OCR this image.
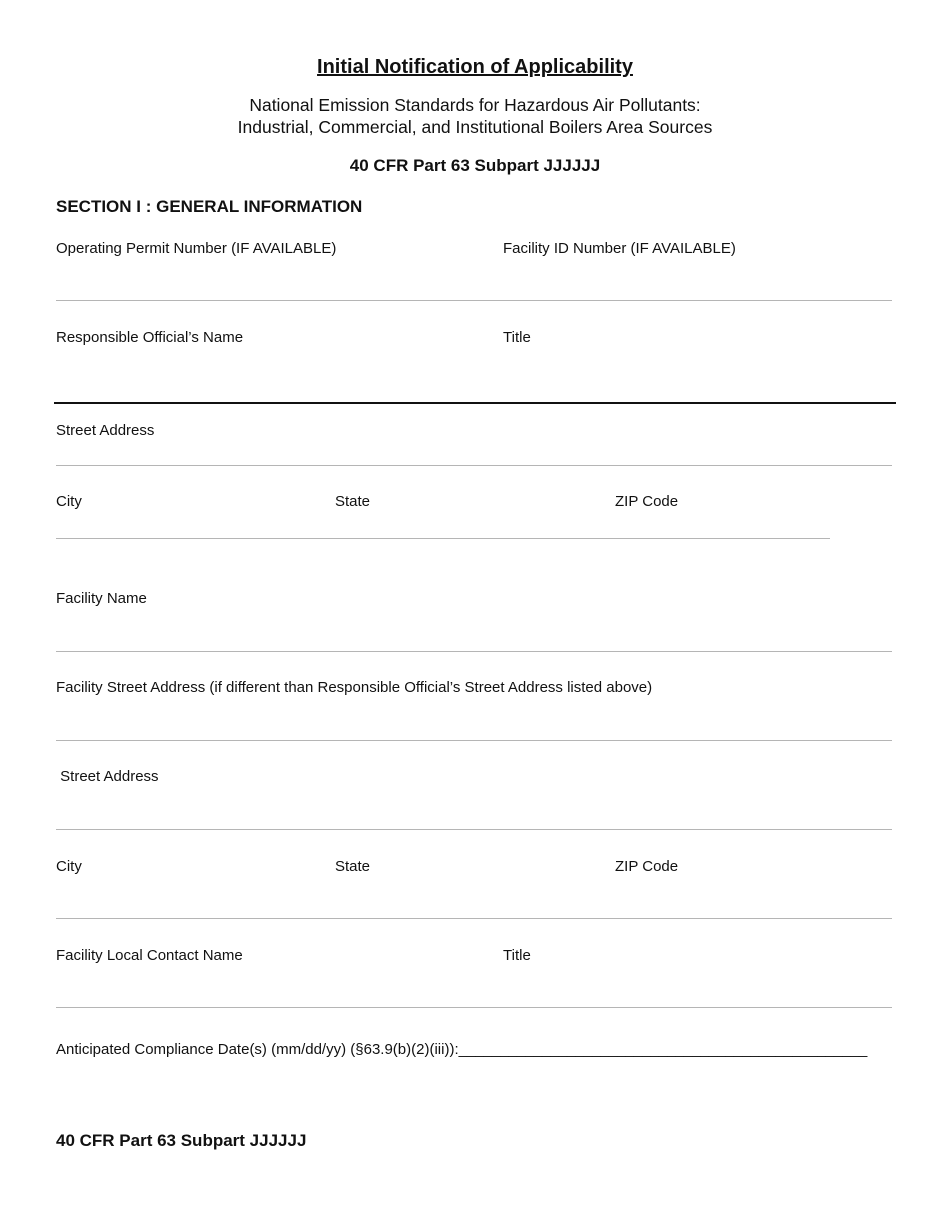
Initial Notification of Applicability
National Emission Standards for Hazardous Air Pollutants:
Industrial, Commercial, and Institutional Boilers Area Sources
40 CFR Part 63 Subpart JJJJJJ
SECTION I : GENERAL INFORMATION
Operating Permit Number (IF AVAILABLE)	Facility ID Number (IF AVAILABLE)
Responsible Official’s Name	Title
Street Address
City	State	ZIP Code
Facility Name
Facility Street Address (if different than Responsible Official’s Street Address listed above)
Street Address
City	State	ZIP Code
Facility Local Contact Name	Title
Anticipated Compliance Date(s) (mm/dd/yy) (§63.9(b)(2)(iii)):_________________________________________________
40 CFR Part 63 Subpart JJJJJJ
